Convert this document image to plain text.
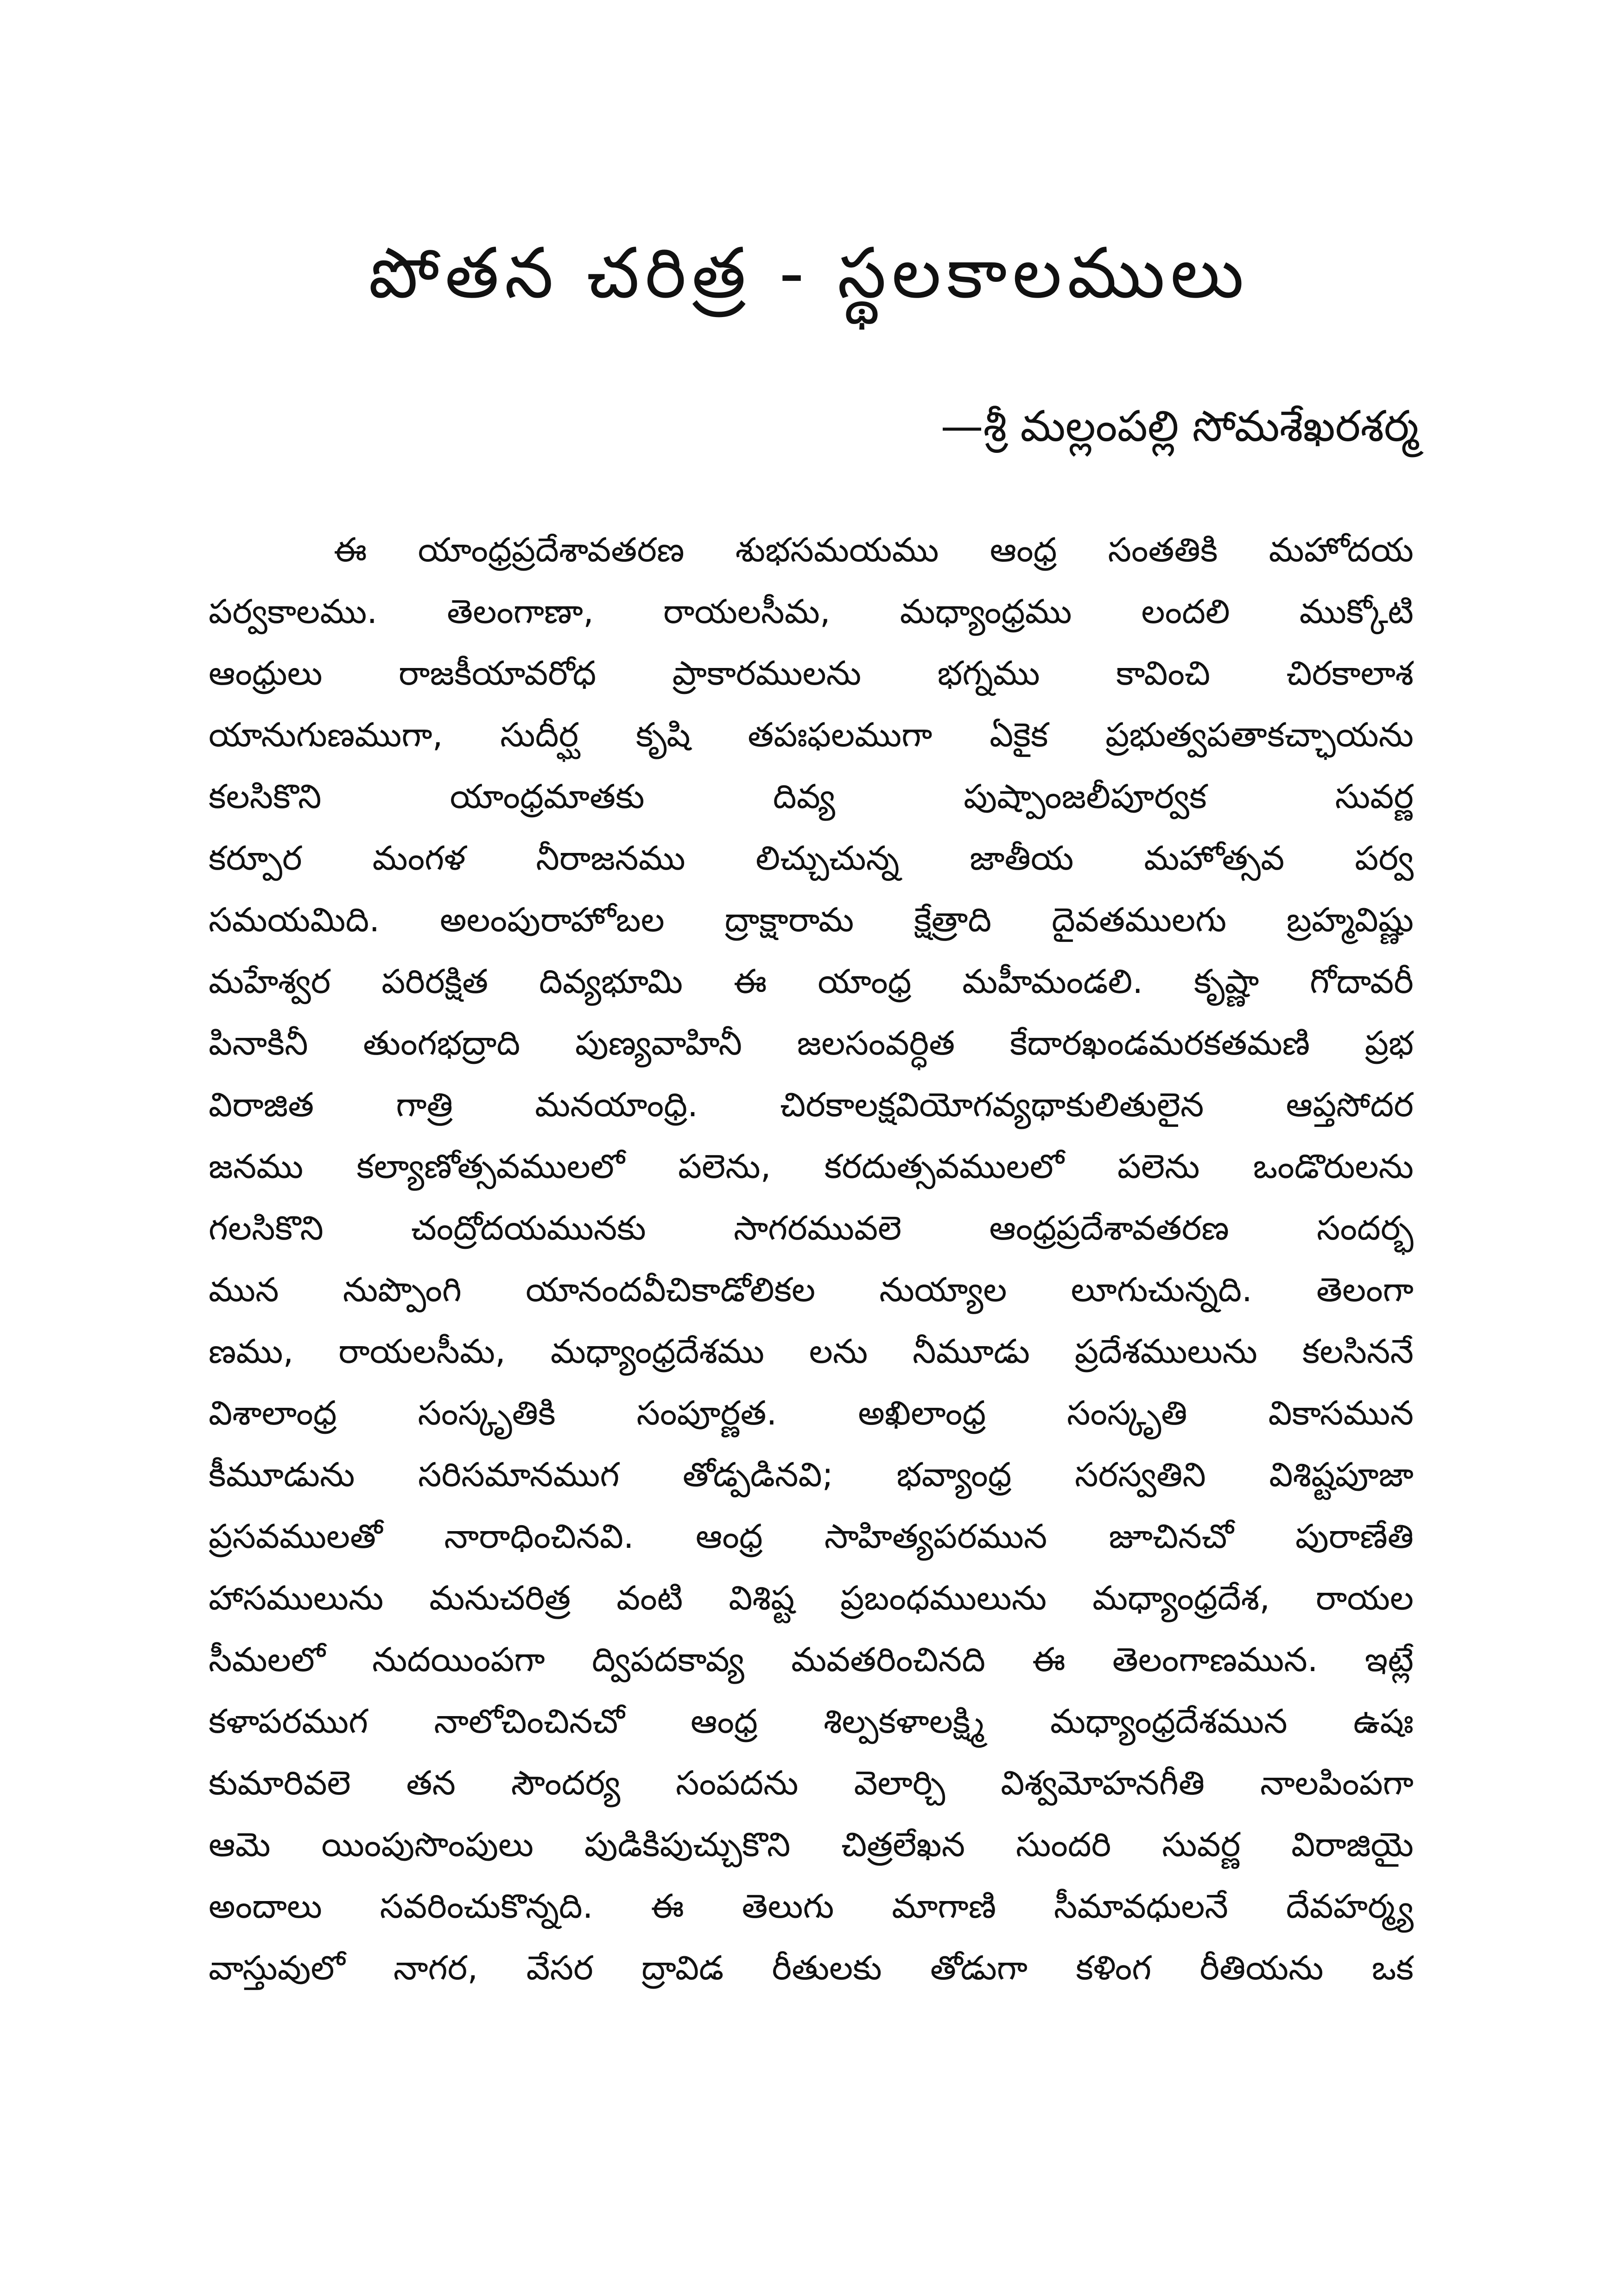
పోతన చరిత్ర - స్థలకాలములు
—శ్రీ మల్లంపల్లి సోమశేఖరశర్మ
ఈ యాంధ్రప్రదేశావతరణ శుభసమయము ఆంధ్ర సంతతికి మహోదయ
పర్వకాలము. తెలంగాణా, రాయలసీమ, మధ్యాంధ్రము లందలి ముక్కోటి
ఆంధ్రులు రాజకీయావరోధ ప్రాకారములను భగ్నము కావించి చిరకాలాశ
యానుగుణముగా, సుదీర్ఘ కృషి తపఃఫలముగా ఏకైక ప్రభుత్వపతాకచ్ఛాయను
కలసికొని యాంధ్రమాతకు దివ్య పుష్పాంజలీపూర్వక సువర్ణ
కర్పూర మంగళ నీరాజనము లిచ్చుచున్న జాతీయ మహోత్సవ పర్వ
సమయమిది. అలంపురాహోబల ద్రాక్షారామ క్షేత్రాది దైవతములగు బ్రహ్మవిష్ణు
మహేశ్వర పరిరక్షిత దివ్యభూమి ఈ యాంధ్ర మహీమండలి. కృష్ణా గోదావరీ
పినాకినీ తుంగభద్రాది పుణ్యవాహినీ జలసంవర్ధిత కేదారఖండమరకతమణి ప్రభ
విరాజిత గాత్రి మనయాంధ్రి. చిరకాలక్షవియోగవ్యథాకులితులైన ఆప్తసోదర
జనము కల్యాణోత్సవములలో పలెను, కరదుత్సవములలో పలెను ఒండొరులను
గలసికొని చంద్రోదయమునకు సాగరమువలె ఆంధ్రప్రదేశావతరణ సందర్భ
మున నుప్పొంగి యానందవీచికాడోలికల నుయ్యాల లూగుచున్నది. తెలంగా
ణము, రాయలసీమ, మధ్యాంధ్రదేశము లను నీమూడు ప్రదేశములును కలసిననే
విశాలాంధ్ర సంస్కృతికి సంపూర్ణత. అఖిలాంధ్ర సంస్కృతి వికాసమున
కీమూడును సరిసమానముగ తోడ్పడినవి; భవ్యాంధ్ర సరస్వతిని విశిష్టపూజా
ప్రసవములతో నారాధించినవి. ఆంధ్ర సాహిత్యపరమున జూచినచో పురాణేతి
హాసములును మనుచరిత్ర వంటి విశిష్ట ప్రబంధములును మధ్యాంధ్రదేశ, రాయల
సీమలలో నుదయింపగా ద్విపదకావ్య మవతరించినది ఈ తెలంగాణమున. ఇట్లే
కళాపరముగ నాలోచించినచో ఆంధ్ర శిల్పకళాలక్ష్మి మధ్యాంధ్రదేశమున ఉషః
కుమారివలె తన సౌందర్య సంపదను వెలార్చి విశ్వమోహనగీతి నాలపింపగా
ఆమె యింపుసొంపులు పుడికిపుచ్చుకొని చిత్రలేఖన సుందరి సువర్ణ విరాజియై
అందాలు సవరించుకొన్నది. ఈ తెలుగు మాగాణి సీమావధులనే దేవహర్మ్య
వాస్తువులో నాగర, వేసర ద్రావిడ రీతులకు తోడుగా కళింగ రీతియను ఒక
